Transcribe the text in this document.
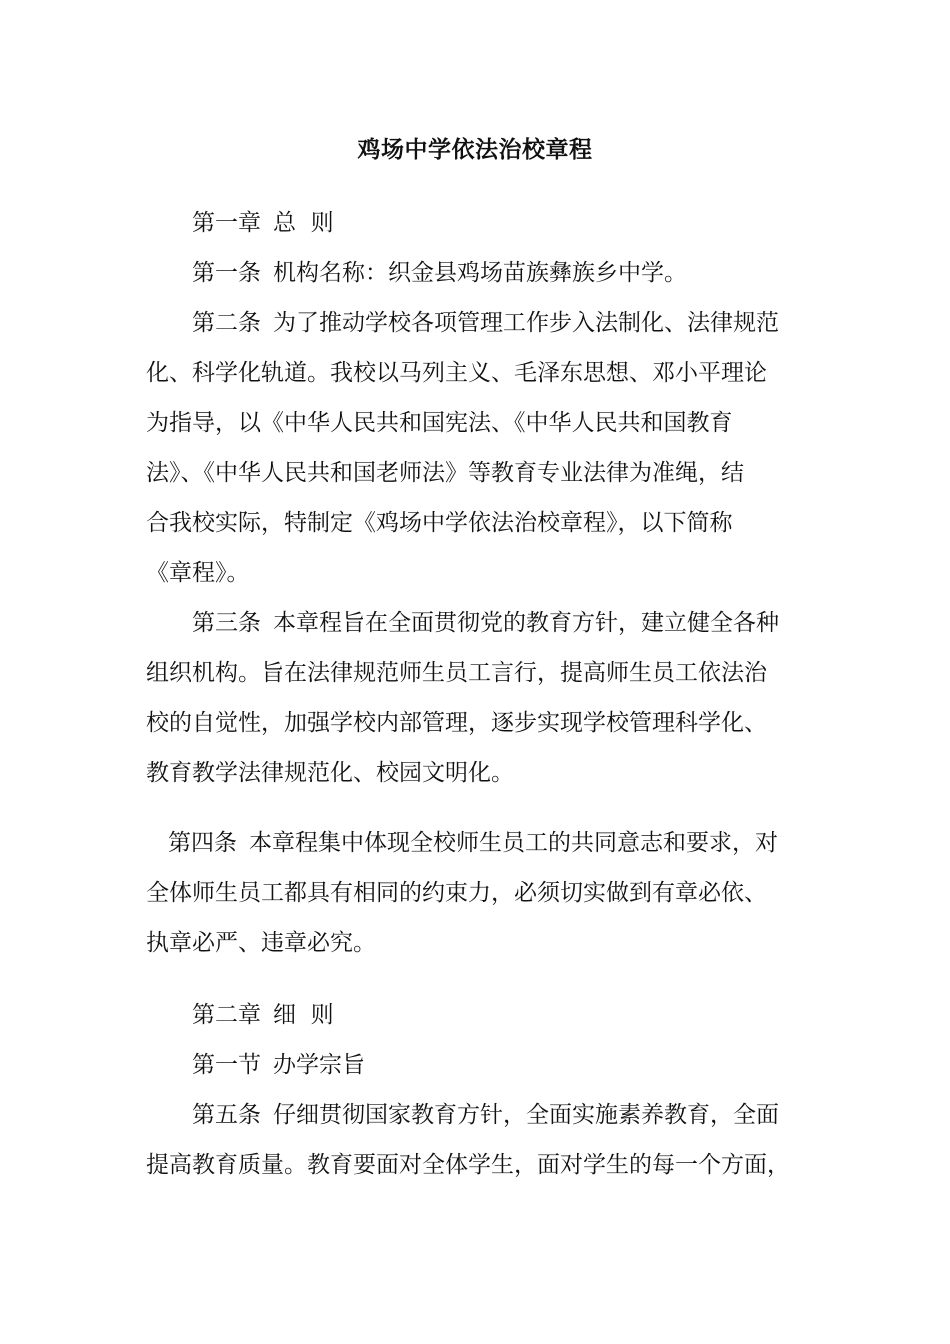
鸡场中学依法治校章程

第一章 总  则

第一条 机构名称：织金县鸡场苗族彝族乡中学。

第二条 为了推动学校各项管理工作步入法制化、法律规范
化、科学化轨道。我校以马列主义、毛泽东思想、邓小平理论
为指导，以《中华人民共和国宪法、《中华人民共和国教育
法》、《中华人民共和国老师法》等教育专业法律为准绳，结
合我校实际，特制定《鸡场中学依法治校章程》，以下简称
《章程》。

第三条 本章程旨在全面贯彻党的教育方针，建立健全各种
组织机构。旨在法律规范师生员工言行，提高师生员工依法治
校的自觉性，加强学校内部管理，逐步实现学校管理科学化、
教育教学法律规范化、校园文明化。

第四条 本章程集中体现全校师生员工的共同意志和要求，对
全体师生员工都具有相同的约束力，必须切实做到有章必依、
执章必严、违章必究。

第二章 细  则

第一节 办学宗旨

第五条 仔细贯彻国家教育方针，全面实施素养教育，全面
提高教育质量。教育要面对全体学生，面对学生的每一个方面，
